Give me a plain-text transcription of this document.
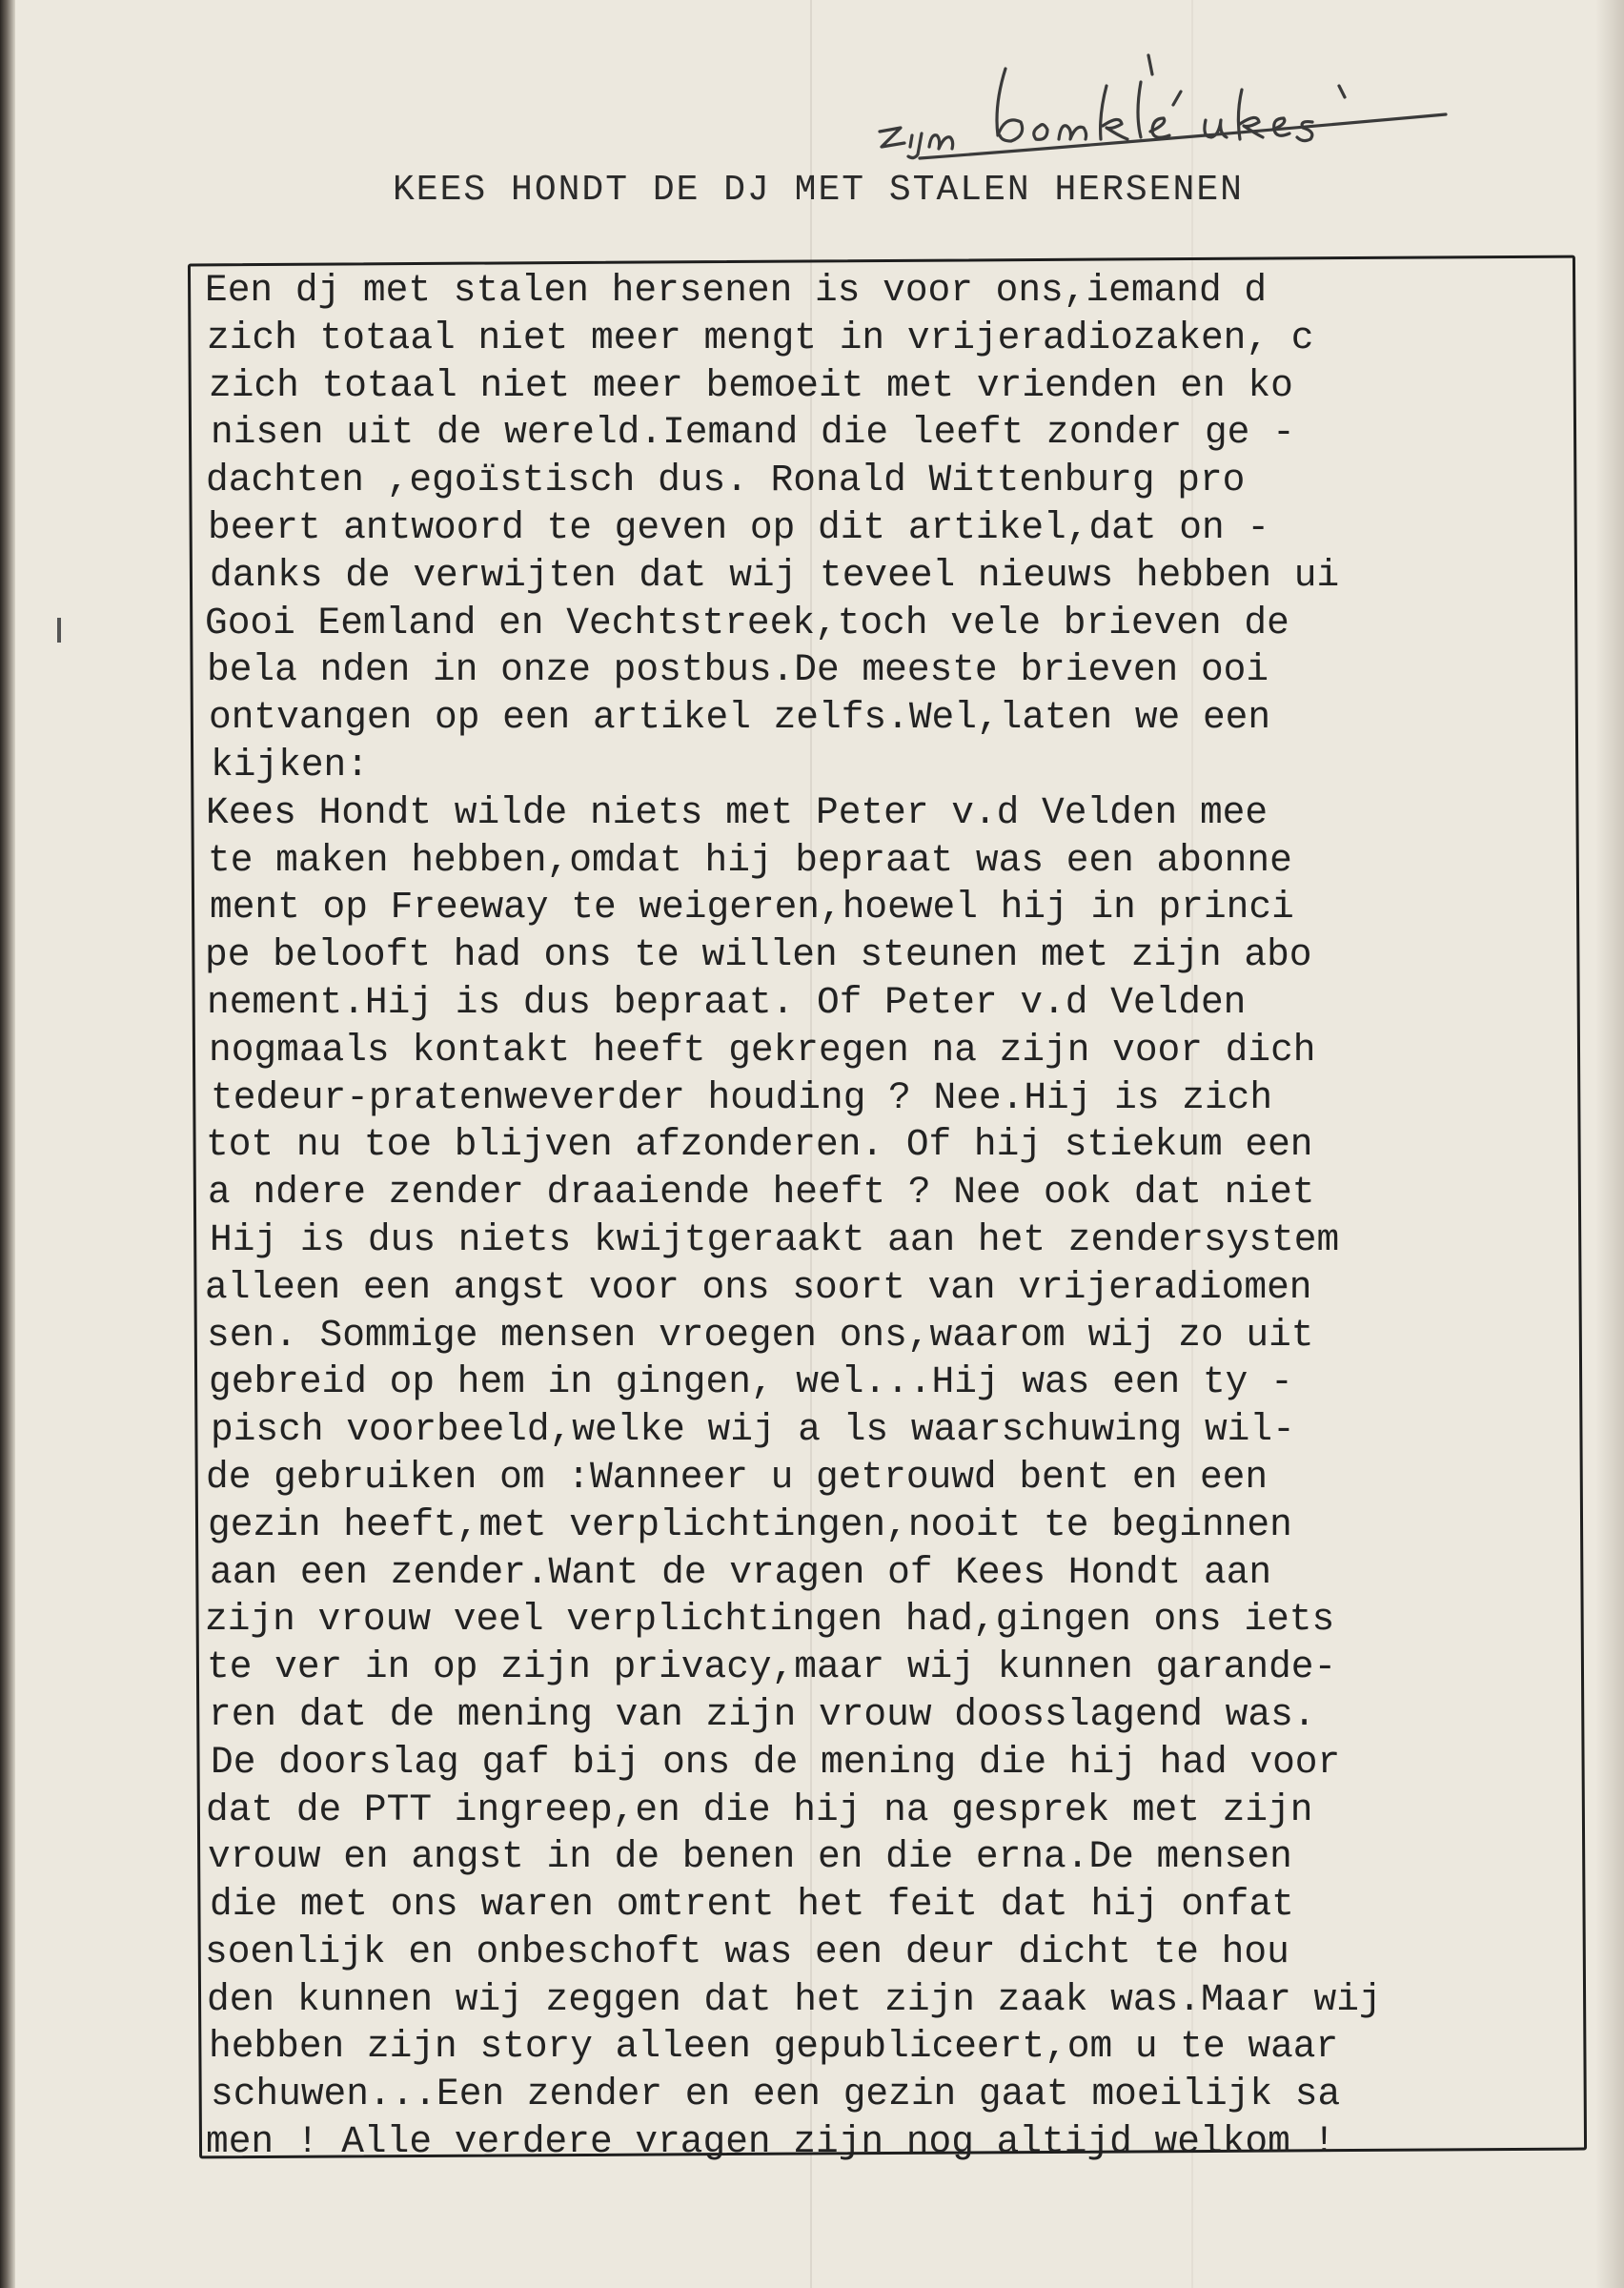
KEES HONDT DE DJ MET STALEN HERSENEN
Een dj met stalen hersenen is voor ons,iemand d
zich totaal niet meer mengt in vrijeradiozaken, c
zich totaal niet meer bemoeit met vrienden en ko
nisen uit de wereld.Iemand die leeft zonder ge -
dachten ,egoïstisch dus. Ronald Wittenburg pro
beert antwoord te geven op dit artikel,dat on -
danks de verwijten dat wij teveel nieuws hebben ui
Gooi Eemland en Vechtstreek,toch vele brieven de
bela nden in onze postbus.De meeste brieven ooi
ontvangen op een artikel zelfs.Wel,laten we een
kijken:
Kees Hondt wilde niets met Peter v.d Velden mee
te maken hebben,omdat hij bepraat was een abonne
ment op Freeway te weigeren,hoewel hij in princi
pe belooft had ons te willen steunen met zijn abo
nement.Hij is dus bepraat. Of Peter v.d Velden
nogmaals kontakt heeft gekregen na zijn voor dich
tedeur-pratenweverder houding ? Nee.Hij is zich
tot nu toe blijven afzonderen. Of hij stiekum een
a ndere zender draaiende heeft ? Nee ook dat niet
Hij is dus niets kwijtgeraakt aan het zendersystem
alleen een angst voor ons soort van vrijeradiomen
sen. Sommige mensen vroegen ons,waarom wij zo uit
gebreid op hem in gingen, wel...Hij was een ty -
pisch voorbeeld,welke wij a ls waarschuwing wil-
de gebruiken om :Wanneer u getrouwd bent en een
gezin heeft,met verplichtingen,nooit te beginnen
aan een zender.Want de vragen of Kees Hondt aan
zijn vrouw veel verplichtingen had,gingen ons iets
te ver in op zijn privacy,maar wij kunnen garande-
ren dat de mening van zijn vrouw doosslagend was.
De doorslag gaf bij ons de mening die hij had voor
dat de PTT ingreep,en die hij na gesprek met zijn
vrouw en angst in de benen en die erna.De mensen
die met ons waren omtrent het feit dat hij onfat
soenlijk en onbeschoft was een deur dicht te hou
den kunnen wij zeggen dat het zijn zaak was.Maar wij
hebben zijn story alleen gepubliceert,om u te waar
schuwen...Een zender en een gezin gaat moeilijk sa
men ! Alle verdere vragen zijn nog altijd welkom !
